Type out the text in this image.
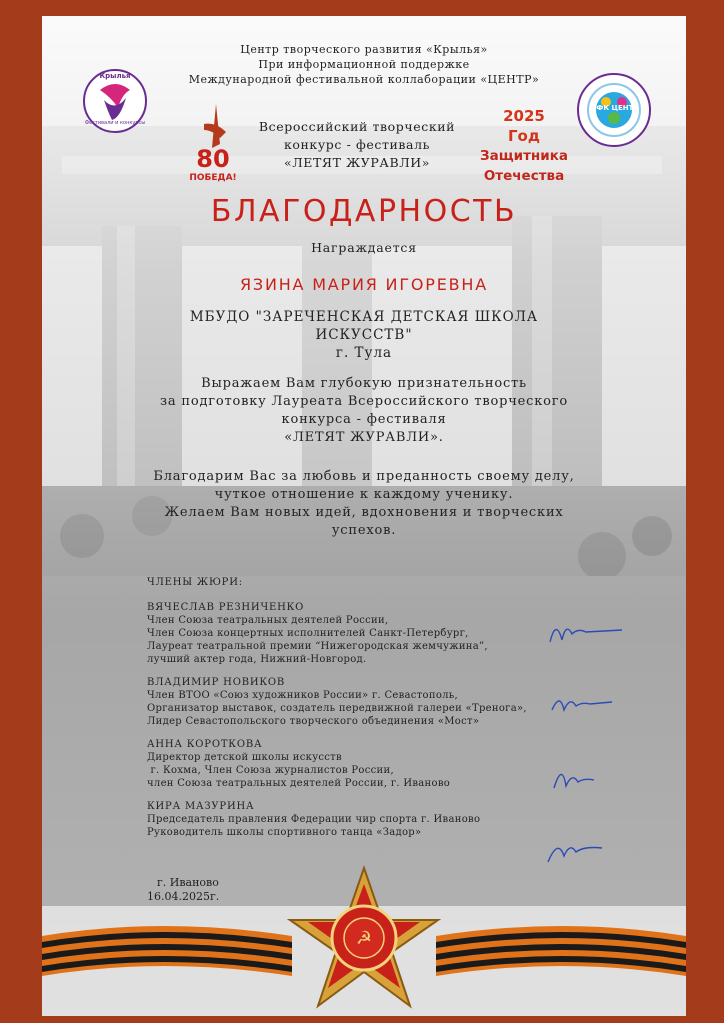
Крылья
Фестивали и конкурсы
80
ПОБЕДА!
МФК ЦЕНТР
Центр творческого развития «Крылья»
При информационной поддержке
Международной фестивальной коллаборации «ЦЕНТР»
Всероссийский творческий
конкурс - фестиваль
«ЛЕТЯТ ЖУРАВЛИ»
2025
Год
Защитника
Отечества
БЛАГОДАРНОСТЬ
Награждается
ЯЗИНА МАРИЯ ИГОРЕВНА
МБУДО "ЗАРЕЧЕНСКАЯ ДЕТСКАЯ ШКОЛА
ИСКУССТВ"
г. Тула
Выражаем Вам глубокую признательность
за подготовку Лауреата Всероссийского творческого
конкурса - фестиваля
«ЛЕТЯТ ЖУРАВЛИ».
Благодарим Вас за любовь и преданность своему делу,
чуткое отношение к каждому ученику.
Желаем Вам новых идей, вдохновения и творческих
успехов.
ЧЛЕНЫ ЖЮРИ:
ВЯЧЕСЛАВ РЕЗНИЧЕНКО
Член Союза театральных деятелей России,
Член Союза концертных исполнителей Санкт-Петербург,
Лауреат театральной премии “Нижегородская жемчужина”,
лучший актер года, Нижний-Новгород.
ВЛАДИМИР НОВИКОВ
Член ВТОО «Союз художников России» г. Севастополь,
Организатор выставок, создатель передвижной галереи «Тренога»,
Лидер Севастопольского творческого объединения «Мост»
АННА КОРОТКОВА
Директор детской школы искусств
г. Кохма, Член Союза журналистов России,
член Союза театральных деятелей России, г. Иваново
КИРА МАЗУРИНА
Председатель правления Федерации чир спорта г. Иваново
Руководитель школы спортивного танца «Задор»
г. Иваново
16.04.2025г.
☭
